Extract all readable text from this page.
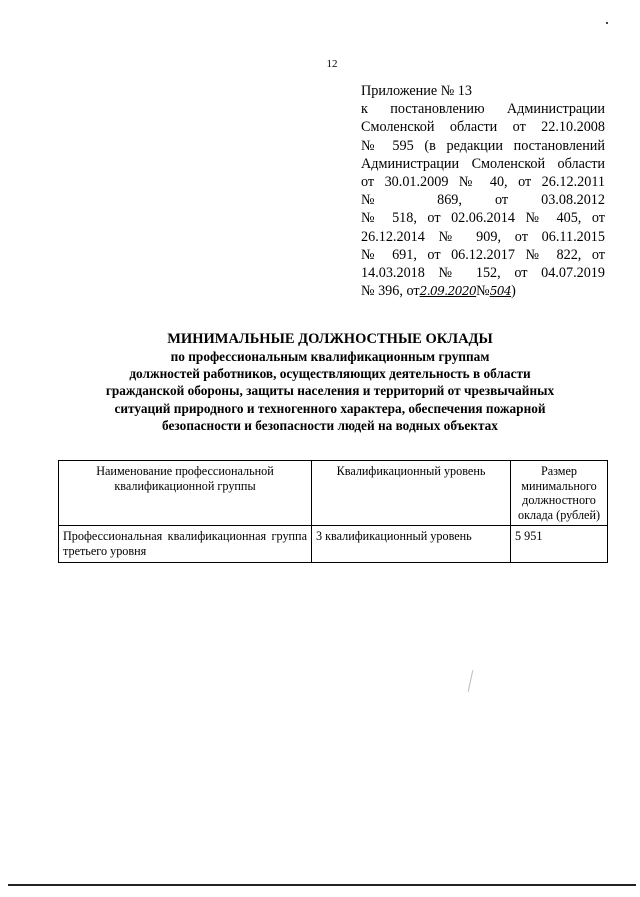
12
Приложение № 13
к постановлению Администрации
Смоленской области от 22.10.2008
№ 595 (в редакции постановлений
Администрации Смоленской области
от 30.01.2009 № 40, от 26.12.2011
№ 869, от 03.08.2012
№ 518, от 02.06.2014 № 405, от
26.12.2014 № 909, от 06.11.2015
№ 691, от 06.12.2017 № 822, от
14.03.2018 № 152, от 04.07.2019
№ 396, от2.09.2020№504)
МИНИМАЛЬНЫЕ ДОЛЖНОСТНЫЕ ОКЛАДЫ
по профессиональным квалификационным группам
должностей работников, осуществляющих деятельность в области
гражданской обороны, защиты населения и территорий от чрезвычайных
ситуаций природного и техногенного характера, обеспечения пожарной
безопасности и безопасности людей на водных объектах
Наименование профессиональной квалификационной группы	Квалификационный уровень	Размер минимального должностного оклада (рублей)
Профессиональная квалификационная группа третьего уровня	3 квалификационный уровень	5 951
